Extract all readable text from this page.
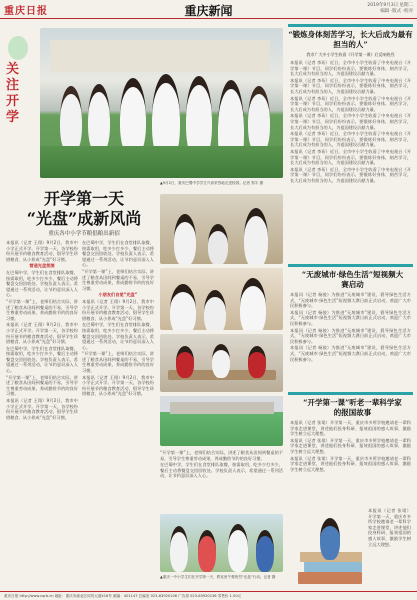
重庆日报	重庆新闻	2019年9月3日 星期二
编辑 ·版式 ·校对
关注开学
▲9月2日，重庆巴蜀中学学生兴高采烈地走进校园。记者 郑宇 摄
开学第一天
“光盘”成新风尚
重庆各中小学节粮倡粮出新招

本报讯（记者 王翔）9月2日，我市中小学正式开学。开学第一天，各学校纷纷开展节约粮食教育活动，倡导学生珍惜粮食、从小养成“光盘”好习惯。

营造光盘氛围

在巴蜀中学，学生们在食堂排队取餐，按需取用，吃多少打多少，餐后主动将餐盘交回回收处。学校负责人表示，希望通过一系列活动，让节约意识深入人心。

“开学第一课”上，老师们结合实际，讲述了粮食从田间到餐桌的不易，引导学生尊重劳动成果，养成勤俭节约的良好习惯。

本报讯（记者 王翔）9月2日，我市中小学正式开学。开学第一天，各学校纷纷开展节约粮食教育活动，倡导学生珍惜粮食、从小养成“光盘”好习惯。

在巴蜀中学，学生们在食堂排队取餐，按需取用，吃多少打多少，餐后主动将餐盘交回回收处。学校负责人表示，希望通过一系列活动，让节约意识深入人心。

“开学第一课”上，老师们结合实际，讲述了粮食从田间到餐桌的不易，引导学生尊重劳动成果，养成勤俭节约的良好习惯。

本报讯（记者 王翔）9月2日，我市中小学正式开学。开学第一天，各学校纷纷开展节约粮食教育活动，倡导学生珍惜粮食、从小养成“光盘”好习惯。

在巴蜀中学，学生们在食堂排队取餐，按需取用，吃多少打多少，餐后主动将餐盘交回回收处。学校负责人表示，希望通过一系列活动，让节约意识深入人心。

“开学第一课”上，老师们结合实际，讲述了粮食从田间到餐桌的不易，引导学生尊重劳动成果，养成勤俭节约的良好习惯。

小朋友们自觉“光盘”

本报讯（记者 王翔）9月2日，我市中小学正式开学。开学第一天，各学校纷纷开展节约粮食教育活动，倡导学生珍惜粮食、从小养成“光盘”好习惯。

在巴蜀中学，学生们在食堂排队取餐，按需取用，吃多少打多少，餐后主动将餐盘交回回收处。学校负责人表示，希望通过一系列活动，让节约意识深入人心。

“开学第一课”上，老师们结合实际，讲述了粮食从田间到餐桌的不易，引导学生尊重劳动成果，养成勤俭节约的良好习惯。

本报讯（记者 王翔）9月2日，我市中小学正式开学。开学第一天，各学校纷纷开展节约粮食教育活动，倡导学生珍惜粮食、从小养成“光盘”好习惯。

“开学第一课”上，老师们结合实际，讲述了粮食从田间到餐桌的不易，引导学生尊重劳动成果，养成勤俭节约的良好习惯。

在巴蜀中学，学生们在食堂排队取餐，按需取用，吃多少打多少，餐后主动将餐盘交回回收处。学校负责人表示，希望通过一系列活动，让节约意识深入人心。

▲重庆一中小学生们在开学第一天，教室里午餐热烈“光盘”行动。记者 摄
“锻炼身体刻苦学习，长大后成为最有担当的人”
我市广大中小学生收看《开学第一课》后反响热烈

本报讯（记者 李珩）近日，全市中小学生收看了中央电视台《开学第一课》节目，同学们纷纷表示，要锻炼好身体，刻苦学习，长大后成为有担当的人，为祖国建设贡献力量。

本报讯（记者 李珩）近日，全市中小学生收看了中央电视台《开学第一课》节目，同学们纷纷表示，要锻炼好身体，刻苦学习，长大后成为有担当的人，为祖国建设贡献力量。

本报讯（记者 李珩）近日，全市中小学生收看了中央电视台《开学第一课》节目，同学们纷纷表示，要锻炼好身体，刻苦学习，长大后成为有担当的人，为祖国建设贡献力量。

本报讯（记者 李珩）近日，全市中小学生收看了中央电视台《开学第一课》节目，同学们纷纷表示，要锻炼好身体，刻苦学习，长大后成为有担当的人，为祖国建设贡献力量。

本报讯（记者 李珩）近日，全市中小学生收看了中央电视台《开学第一课》节目，同学们纷纷表示，要锻炼好身体，刻苦学习，长大后成为有担当的人，为祖国建设贡献力量。

本报讯（记者 李珩）近日，全市中小学生收看了中央电视台《开学第一课》节目，同学们纷纷表示，要锻炼好身体，刻苦学习，长大后成为有担当的人，为祖国建设贡献力量。

本报讯（记者 李珩）近日，全市中小学生收看了中央电视台《开学第一课》节目，同学们纷纷表示，要锻炼好身体，刻苦学习，长大后成为有担当的人，为祖国建设贡献力量。

“无废城市·绿色生活”短视频大赛启动

本报讯（记者 杨骏）为推进“无废城市”建设，倡导绿色生活方式，“无废城市·绿色生活”短视频大赛日前正式启动，欢迎广大市民积极参与。

本报讯（记者 杨骏）为推进“无废城市”建设，倡导绿色生活方式，“无废城市·绿色生活”短视频大赛日前正式启动，欢迎广大市民积极参与。

本报讯（记者 杨骏）为推进“无废城市”建设，倡导绿色生活方式，“无废城市·绿色生活”短视频大赛日前正式启动，欢迎广大市民积极参与。

本报讯（记者 杨骏）为推进“无废城市”建设，倡导绿色生活方式，“无废城市·绿色生活”短视频大赛日前正式启动，欢迎广大市民积极参与。

“开学第一课”听老一辈科学家的报国故事

本报讯（记者 张珺）开学第一天，重庆市多所学校邀请老一辈科学家走进课堂，讲述他们投身科研、报效祖国的感人故事，激励学生树立远大理想。

本报讯（记者 张珺）开学第一天，重庆市多所学校邀请老一辈科学家走进课堂，讲述他们投身科研、报效祖国的感人故事，激励学生树立远大理想。

本报讯（记者 张珺）开学第一天，重庆市多所学校邀请老一辈科学家走进课堂，讲述他们投身科研、报效祖国的感人故事，激励学生树立远大理想。

本报讯（记者 张珺）开学第一天，重庆市多所学校邀请老一辈科学家走进课堂，讲述他们投身科研、报效祖国的感人故事，激励学生树立远大理想。

重庆日报 http://www.cqrb.cn 地址：重庆市渝北区同茂大道416号 邮编：401147 总编室 023-63920106 广告部 023-63920136 零售价 1.50元
